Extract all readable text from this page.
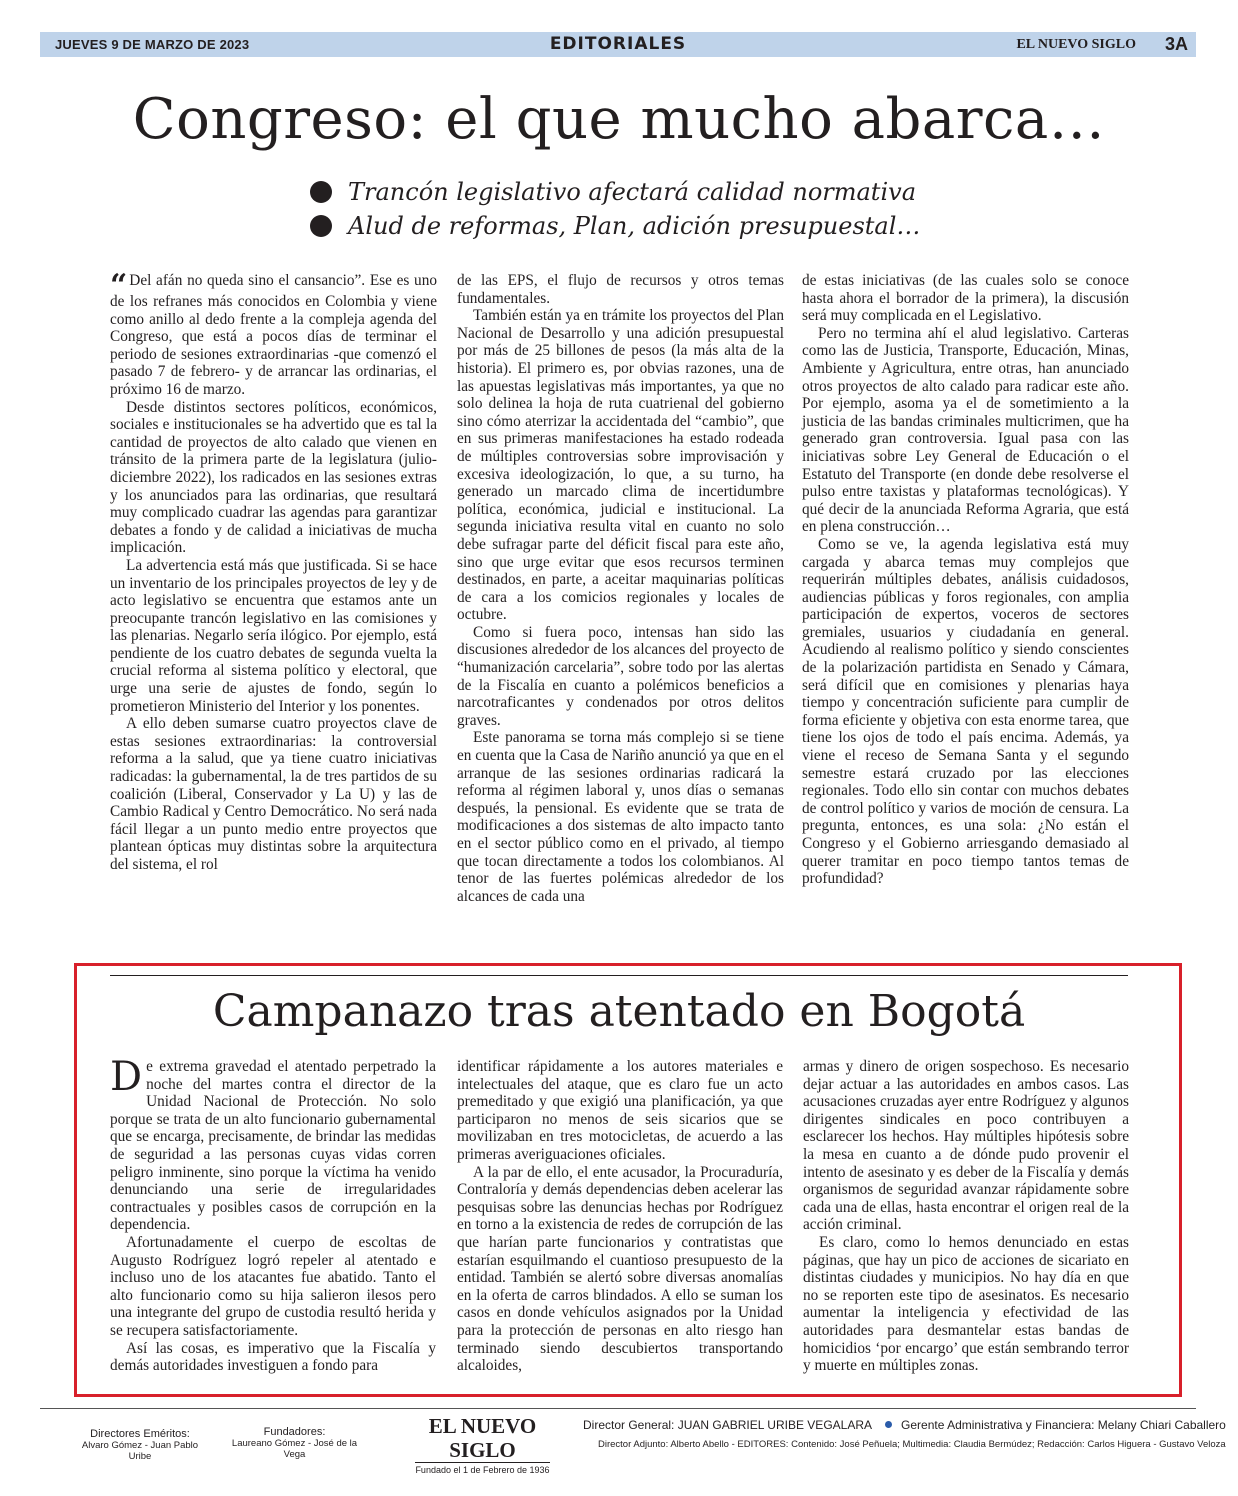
JUEVES 9 DE MARZO DE 2023	EDITORIALES	EL NUEVO SIGLO 3A
Congreso: el que mucho abarca…
Trancón legislativo afectará calidad normativa
Alud de reformas, Plan, adición presupuestal…

“ Del afán no queda sino el cansancio”. Ese es uno de los refranes más conocidos en Colombia y viene como anillo al dedo frente a la compleja agenda del Congreso, que está a pocos días de terminar el periodo de sesiones extraordinarias -que comenzó el pasado 7 de febrero- y de arrancar las ordinarias, el próximo 16 de marzo.

Desde distintos sectores políticos, económicos, sociales e institucionales se ha advertido que es tal la cantidad de proyectos de alto calado que vienen en tránsito de la primera parte de la legislatura (julio-diciembre 2022), los radicados en las sesiones extras y los anunciados para las ordinarias, que resultará muy complicado cuadrar las agendas para garantizar debates a fondo y de calidad a iniciativas de mucha implicación.

La advertencia está más que justificada. Si se hace un inventario de los principales proyectos de ley y de acto legislativo se encuentra que estamos ante un preocupante trancón legislativo en las comisiones y las plenarias. Negarlo sería ilógico. Por ejemplo, está pendiente de los cuatro debates de segunda vuelta la crucial reforma al sistema político y electoral, que urge una serie de ajustes de fondo, según lo prometieron Ministerio del Interior y los ponentes.

A ello deben sumarse cuatro proyectos clave de estas sesiones extraordinarias: la controversial reforma a la salud, que ya tiene cuatro iniciativas radicadas: la gubernamental, la de tres partidos de su coalición (Liberal, Conservador y La U) y las de Cambio Radical y Centro Democrático. No será nada fácil llegar a un punto medio entre proyectos que plantean ópticas muy distintas sobre la arquitectura del sistema, el rol

de las EPS, el flujo de recursos y otros temas fundamentales.

También están ya en trámite los proyectos del Plan Nacional de Desarrollo y una adición presupuestal por más de 25 billones de pesos (la más alta de la historia). El primero es, por obvias razones, una de las apuestas legislativas más importantes, ya que no solo delinea la hoja de ruta cuatrienal del gobierno sino cómo aterrizar la accidentada del “cambio”, que en sus primeras manifestaciones ha estado rodeada de múltiples controversias sobre improvisación y excesiva ideologización, lo que, a su turno, ha generado un marcado clima de incertidumbre política, económica, judicial e institucional. La segunda iniciativa resulta vital en cuanto no solo debe sufragar parte del déficit fiscal para este año, sino que urge evitar que esos recursos terminen destinados, en parte, a aceitar maquinarias políticas de cara a los comicios regionales y locales de octubre.

Como si fuera poco, intensas han sido las discusiones alrededor de los alcances del proyecto de “humanización carcelaria”, sobre todo por las alertas de la Fiscalía en cuanto a polémicos beneficios a narcotraficantes y condenados por otros delitos graves.

Este panorama se torna más complejo si se tiene en cuenta que la Casa de Nariño anunció ya que en el arranque de las sesiones ordinarias radicará la reforma al régimen laboral y, unos días o semanas después, la pensional. Es evidente que se trata de modificaciones a dos sistemas de alto impacto tanto en el sector público como en el privado, al tiempo que tocan directamente a todos los colombianos. Al tenor de las fuertes polémicas alrededor de los alcances de cada una

de estas iniciativas (de las cuales solo se conoce hasta ahora el borrador de la primera), la discusión será muy complicada en el Legislativo.

Pero no termina ahí el alud legislativo. Carteras como las de Justicia, Transporte, Educación, Minas, Ambiente y Agricultura, entre otras, han anunciado otros proyectos de alto calado para radicar este año. Por ejemplo, asoma ya el de sometimiento a la justicia de las bandas criminales multicrimen, que ha generado gran controversia. Igual pasa con las iniciativas sobre Ley General de Educación o el Estatuto del Transporte (en donde debe resolverse el pulso entre taxistas y plataformas tecnológicas). Y qué decir de la anunciada Reforma Agraria, que está en plena construcción…

Como se ve, la agenda legislativa está muy cargada y abarca temas muy complejos que requerirán múltiples debates, análisis cuidadosos, audiencias públicas y foros regionales, con amplia participación de expertos, voceros de sectores gremiales, usuarios y ciudadanía en general. Acudiendo al realismo político y siendo conscientes de la polarización partidista en Senado y Cámara, será difícil que en comisiones y plenarias haya tiempo y concentración suficiente para cumplir de forma eficiente y objetiva con esta enorme tarea, que tiene los ojos de todo el país encima. Además, ya viene el receso de Semana Santa y el segundo semestre estará cruzado por las elecciones regionales. Todo ello sin contar con muchos debates de control político y varios de moción de censura. La pregunta, entonces, es una sola: ¿No están el Congreso y el Gobierno arriesgando demasiado al querer tramitar en poco tiempo tantos temas de profundidad?

Campanazo tras atentado en Bogotá

De extrema gravedad el atentado perpetrado la noche del martes contra el director de la Unidad Nacional de Protección. No solo porque se trata de un alto funcionario gubernamental que se encarga, precisamente, de brindar las medidas de seguridad a las personas cuyas vidas corren peligro inminente, sino porque la víctima ha venido denunciando una serie de irregularidades contractuales y posibles casos de corrupción en la dependencia.

Afortunadamente el cuerpo de escoltas de Augusto Rodríguez logró repeler al atentado e incluso uno de los atacantes fue abatido. Tanto el alto funcionario como su hija salieron ilesos pero una integrante del grupo de custodia resultó herida y se recupera satisfactoriamente.

Así las cosas, es imperativo que la Fiscalía y demás autoridades investiguen a fondo para

identificar rápidamente a los autores materiales e intelectuales del ataque, que es claro fue un acto premeditado y que exigió una planificación, ya que participaron no menos de seis sicarios que se movilizaban en tres motocicletas, de acuerdo a las primeras averiguaciones oficiales.

A la par de ello, el ente acusador, la Procuraduría, Contraloría y demás dependencias deben acelerar las pesquisas sobre las denuncias hechas por Rodríguez en torno a la existencia de redes de corrupción de las que harían parte funcionarios y contratistas que estarían esquilmando el cuantioso presupuesto de la entidad. También se alertó sobre diversas anomalías en la oferta de carros blindados. A ello se suman los casos en donde vehículos asignados por la Unidad para la protección de personas en alto riesgo han terminado siendo descubiertos transportando alcaloides,

armas y dinero de origen sospechoso. Es necesario dejar actuar a las autoridades en ambos casos. Las acusaciones cruzadas ayer entre Rodríguez y algunos dirigentes sindicales en poco contribuyen a esclarecer los hechos. Hay múltiples hipótesis sobre la mesa en cuanto a de dónde pudo provenir el intento de asesinato y es deber de la Fiscalía y demás organismos de seguridad avanzar rápidamente sobre cada una de ellas, hasta encontrar el origen real de la acción criminal.

Es claro, como lo hemos denunciado en estas páginas, que hay un pico de acciones de sicariato en distintas ciudades y municipios. No hay día en que no se reporten este tipo de asesinatos. Es necesario aumentar la inteligencia y efectividad de las autoridades para desmantelar estas bandas de homicidios ‘por encargo’ que están sembrando terror y muerte en múltiples zonas.

Directores Eméritos:
Alvaro Gómez - Juan Pablo Uribe
Fundadores:
Laureano Gómez - José de la Vega
EL NUEVO SIGLO
Fundado el 1 de Febrero de 1936
Director General: JUAN GABRIEL URIBE VEGALARA Gerente Administrativa y Financiera: Melany Chiari Caballero
Director Adjunto: Alberto Abello - EDITORES: Contenido: José Peñuela; Multimedia: Claudia Bermúdez; Redacción: Carlos Higuera - Gustavo Veloza
